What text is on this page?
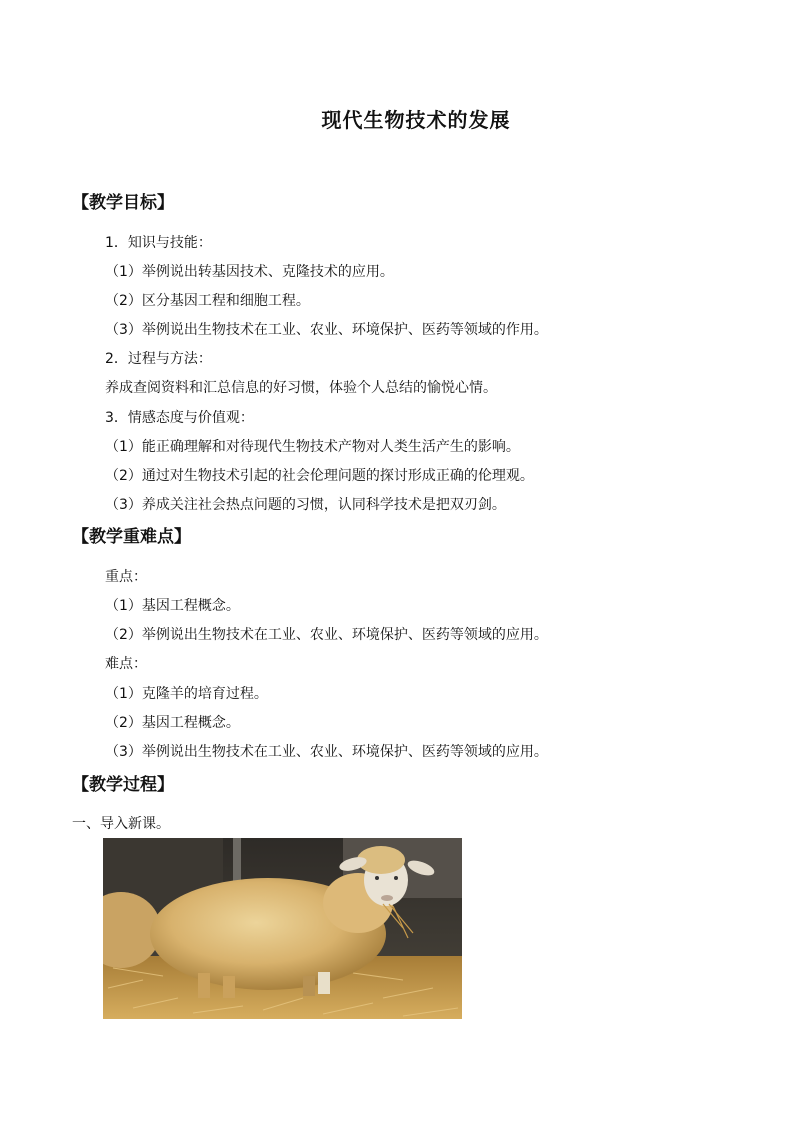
现代生物技术的发展
【教学目标】
1．知识与技能：
（1）举例说出转基因技术、克隆技术的应用。
（2）区分基因工程和细胞工程。
（3）举例说出生物技术在工业、农业、环境保护、医药等领域的作用。
2．过程与方法：
养成查阅资料和汇总信息的好习惯，体验个人总结的愉悦心情。
3．情感态度与价值观：
（1）能正确理解和对待现代生物技术产物对人类生活产生的影响。
（2）通过对生物技术引起的社会伦理问题的探讨形成正确的伦理观。
（3）养成关注社会热点问题的习惯，认同科学技术是把双刃剑。
【教学重难点】
重点：
（1）基因工程概念。
（2）举例说出生物技术在工业、农业、环境保护、医药等领域的应用。
难点：
（1）克隆羊的培育过程。
（2）基因工程概念。
（3）举例说出生物技术在工业、农业、环境保护、医药等领域的应用。
【教学过程】
一、导入新课。
